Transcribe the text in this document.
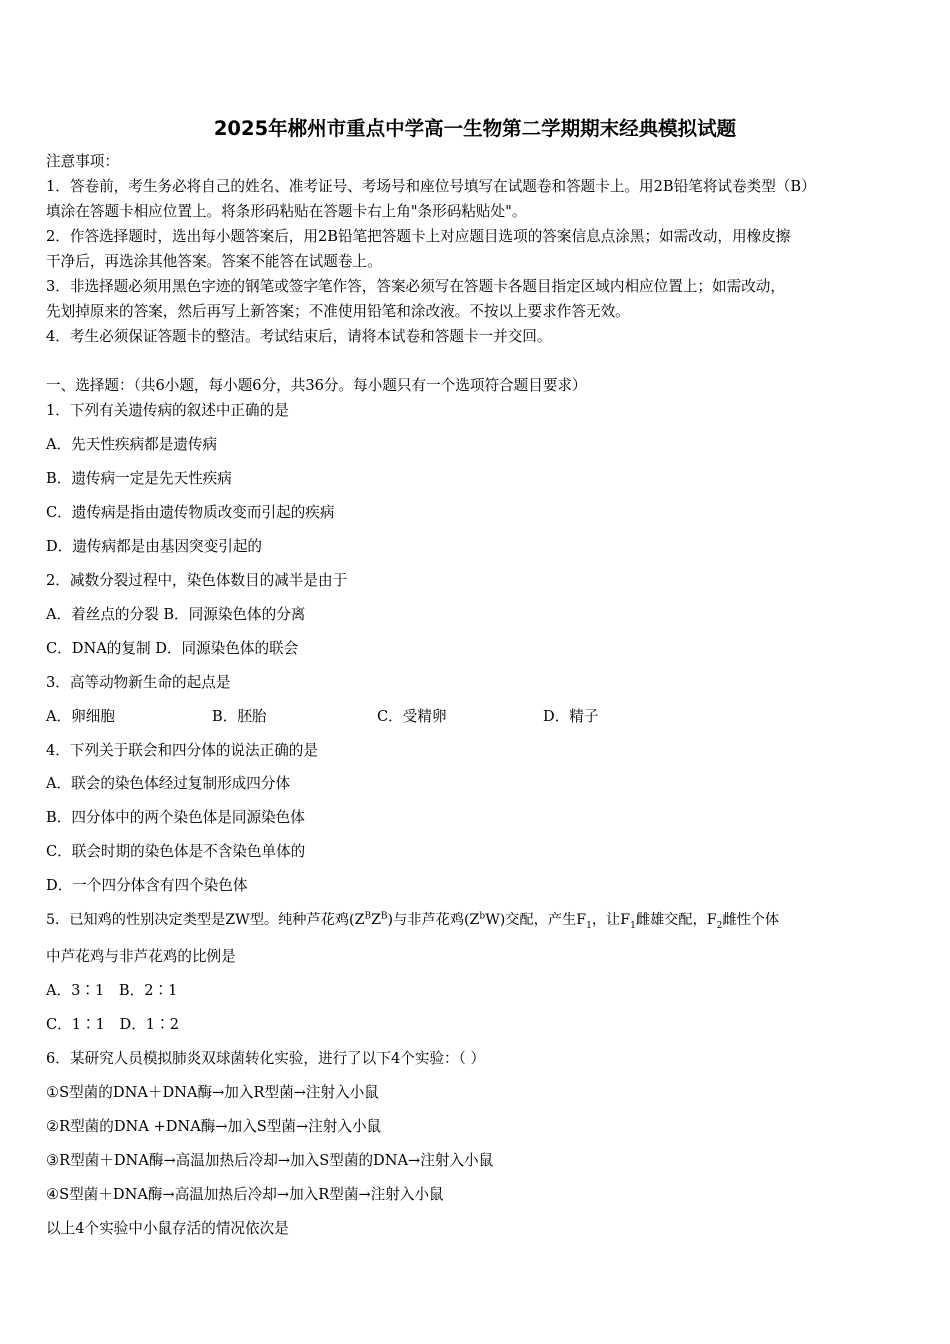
2025年郴州市重点中学高一生物第二学期期末经典模拟试题
注意事项：
1．答卷前，考生务必将自己的姓名、准考证号、考场号和座位号填写在试题卷和答题卡上。用2B铅笔将试卷类型（B）
填涂在答题卡相应位置上。将条形码粘贴在答题卡右上角"条形码粘贴处"。
2．作答选择题时，选出每小题答案后，用2B铅笔把答题卡上对应题目选项的答案信息点涂黑；如需改动，用橡皮擦
干净后，再选涂其他答案。答案不能答在试题卷上。
3．非选择题必须用黑色字迹的钢笔或签字笔作答，答案必须写在答题卡各题目指定区域内相应位置上；如需改动，
先划掉原来的答案，然后再写上新答案；不准使用铅笔和涂改液。不按以上要求作答无效。
4．考生必须保证答题卡的整洁。考试结束后，请将本试卷和答题卡一并交回。
一、选择题：（共6小题，每小题6分，共36分。每小题只有一个选项符合题目要求）
1．下列有关遗传病的叙述中正确的是
A．先天性疾病都是遗传病
B．遗传病一定是先天性疾病
C．遗传病是指由遗传物质改变而引起的疾病
D．遗传病都是由基因突变引起的
2．减数分裂过程中，染色体数目的减半是由于
A．着丝点的分裂 B．同源染色体的分离
C．DNA的复制 D．同源染色体的联会
3．高等动物新生命的起点是
A．卵细胞	B．胚胎	C．受精卵	D．精子
4．下列关于联会和四分体的说法正确的是
A．联会的染色体经过复制形成四分体
B．四分体中的两个染色体是同源染色体
C．联会时期的染色体是不含染色单体的
D．一个四分体含有四个染色体
5．已知鸡的性别决定类型是ZW型。纯种芦花鸡$(Z^BZ^B)$与非芦花鸡$(Z^bW)$交配，产生$F_1$，让$F_1$雌雄交配，$F_2$雌性个体
中芦花鸡与非芦花鸡的比例是
A．3∶1　B．2∶1
C．1∶1　D．1∶2
6．某研究人员模拟肺炎双球菌转化实验，进行了以下4个实验：（ ）
①S型菌的DNA＋DNA酶→加入R型菌→注射入小鼠
②R型菌的DNA +DNA酶→加入S型菌→注射入小鼠
③R型菌＋DNA酶→高温加热后冷却→加入S型菌的DNA→注射入小鼠
④S型菌＋DNA酶→高温加热后冷却→加入R型菌→注射入小鼠
以上4个实验中小鼠存活的情况依次是
